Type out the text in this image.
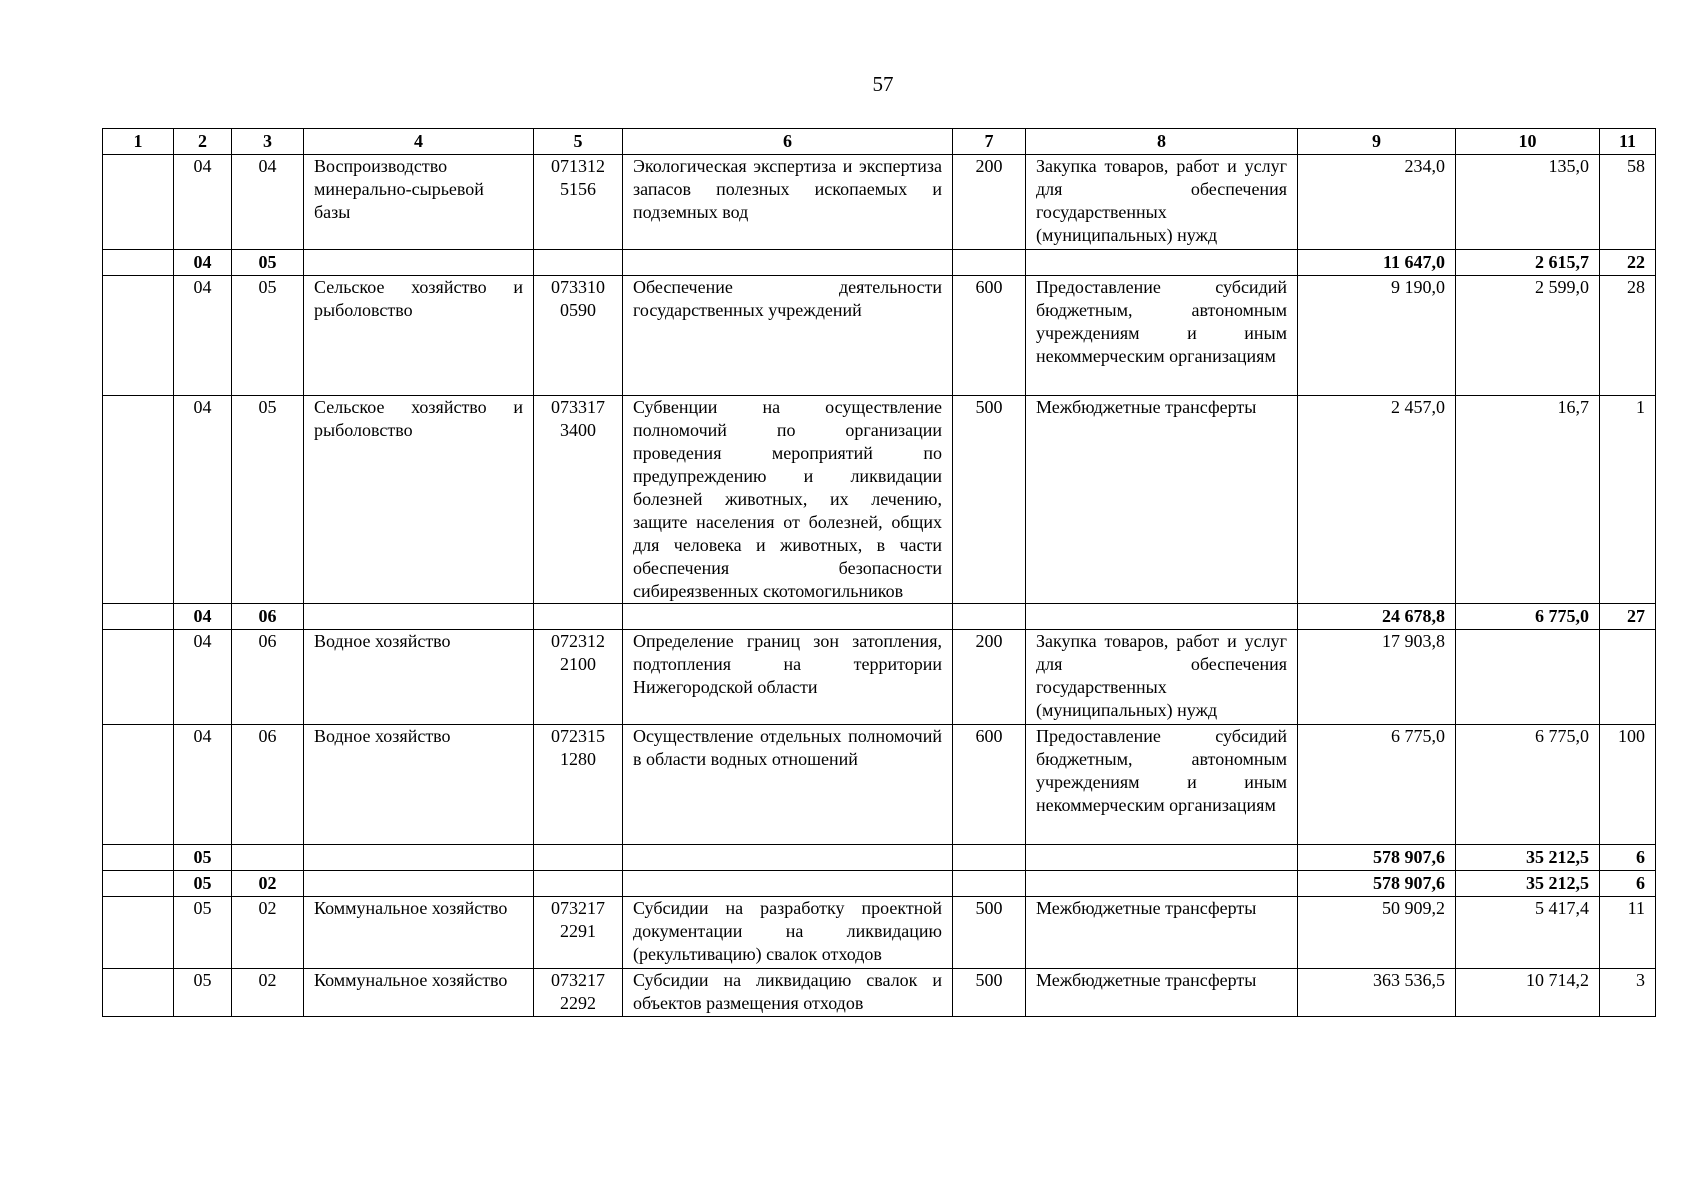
57
1	2	3	4	5	6	7	8	9	10	11
	04	04	Воспроизводство минерально-сырьевой базы	071312 5156	Экологическая экспертиза и экспертиза запасов полезных ископаемых и подземных вод	200	Закупка товаров, работ и услуг для обеспечения государственных (муниципальных) нужд	234,0	135,0	58
	04	05						11 647,0	2 615,7	22
	04	05	Сельское хозяйство и рыболовство	073310 0590	Обеспечение деятельности государственных учреждений	600	Предоставление субсидий бюджетным, автономным учреждениям и иным некоммерческим организациям	9 190,0	2 599,0	28
	04	05	Сельское хозяйство и рыболовство	073317 3400	Субвенции на осуществление полномочий по организации проведения мероприятий по предупреждению и ликвидации болезней животных, их лечению, защите населения от болезней, общих для человека и животных, в части обеспечения безопасности сибиреязвенных скотомогильников	500	Межбюджетные трансферты	2 457,0	16,7	1
	04	06						24 678,8	6 775,0	27
	04	06	Водное хозяйство	072312 2100	Определение границ зон затопления, подтопления на территории Нижегородской области	200	Закупка товаров, работ и услуг для обеспечения государственных (муниципальных) нужд	17 903,8		
	04	06	Водное хозяйство	072315 1280	Осуществление отдельных полномочий в области водных отношений	600	Предоставление субсидий бюджетным, автономным учреждениям и иным некоммерческим организациям	6 775,0	6 775,0	100
	05							578 907,6	35 212,5	6
	05	02						578 907,6	35 212,5	6
	05	02	Коммунальное хозяйство	073217 2291	Субсидии на разработку проектной документации на ликвидацию (рекультивацию) свалок отходов	500	Межбюджетные трансферты	50 909,2	5 417,4	11
	05	02	Коммунальное хозяйство	073217 2292	Субсидии на ликвидацию свалок и объектов размещения отходов	500	Межбюджетные трансферты	363 536,5	10 714,2	3
